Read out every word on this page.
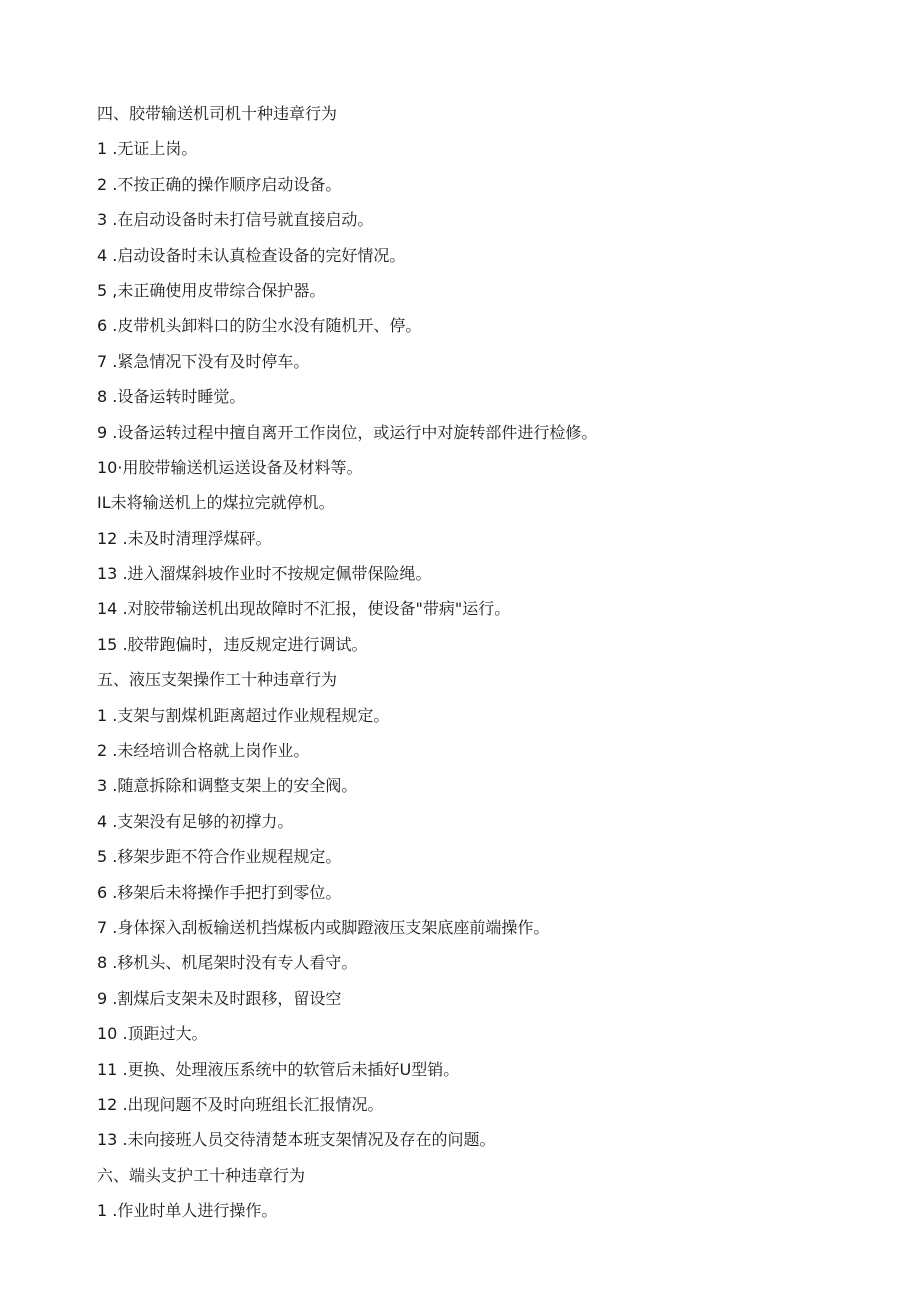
四、胶带输送机司机十种违章行为
1 .无证上岗。
2 .不按正确的操作顺序启动设备。
3 .在启动设备时未打信号就直接启动。
4 .启动设备时未认真检查设备的完好情况。
5 ,未正确使用皮带综合保护器。
6 .皮带机头卸料口的防尘水没有随机开、停。
7 .紧急情况下没有及时停车。
8 .设备运转时睡觉。
9 .设备运转过程中擅自离开工作岗位，或运行中对旋转部件进行检修。
10·用胶带输送机运送设备及材料等。
IL未将输送机上的煤拉完就停机。
12 .未及时清理浮煤砰。
13 .进入溜煤斜坡作业时不按规定佩带保险绳。
14 .对胶带输送机出现故障时不汇报，使设备"带病"运行。
15 .胶带跑偏时，违反规定进行调试。
五、液压支架操作工十种违章行为
1 .支架与割煤机距离超过作业规程规定。
2 .未经培训合格就上岗作业。
3 .随意拆除和调整支架上的安全阀。
4 .支架没有足够的初撑力。
5 .移架步距不符合作业规程规定。
6 .移架后未将操作手把打到零位。
7 .身体探入刮板输送机挡煤板内或脚蹬液压支架底座前端操作。
8 .移机头、机尾架时没有专人看守。
9 .割煤后支架未及时跟移，留设空
10 .顶距过大。
11 .更换、处理液压系统中的软管后未插好U型销。
12 .出现问题不及时向班组长汇报情况。
13 .未向接班人员交待清楚本班支架情况及存在的问题。
六、端头支护工十种违章行为
1 .作业时单人进行操作。
